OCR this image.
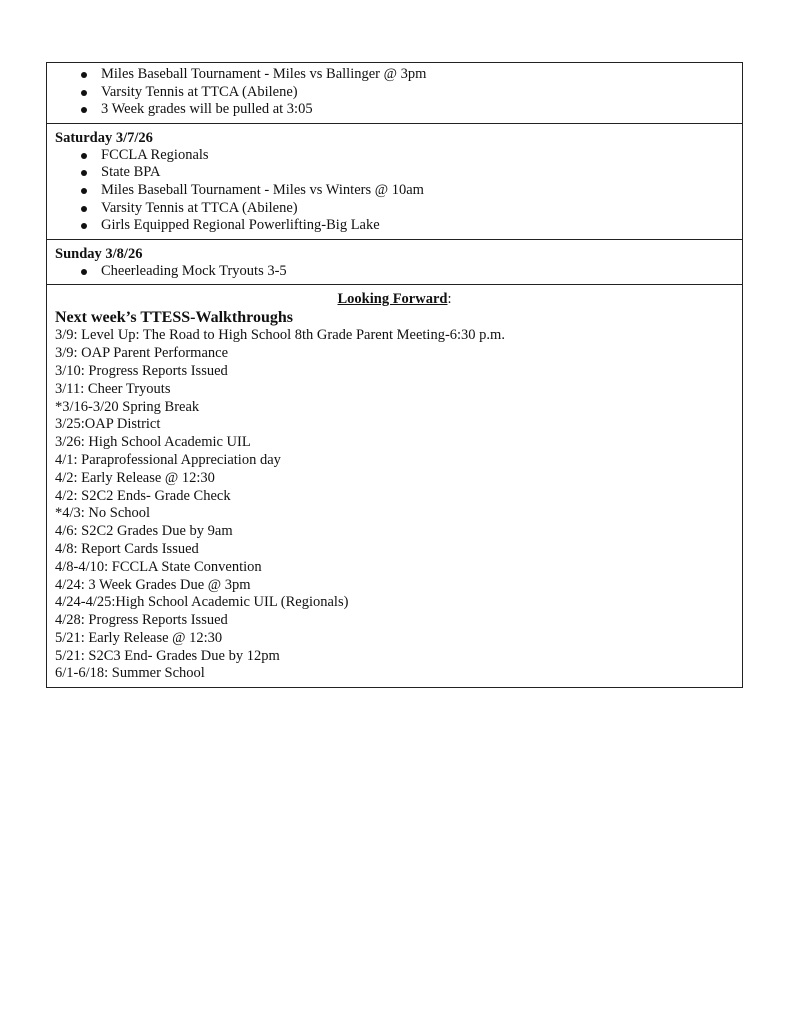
Miles Baseball Tournament - Miles vs Ballinger @ 3pm
Varsity Tennis at TTCA (Abilene)
3 Week grades will be pulled at 3:05
Saturday 3/7/26
FCCLA Regionals
State BPA
Miles Baseball Tournament - Miles vs Winters @ 10am
Varsity Tennis at TTCA (Abilene)
Girls Equipped Regional Powerlifting-Big Lake
Sunday 3/8/26
Cheerleading Mock Tryouts 3-5
Looking Forward:
Next week’s TTESS-Walkthroughs
3/9: Level Up: The Road to High School 8th Grade Parent Meeting-6:30 p.m.
3/9: OAP Parent Performance
3/10: Progress Reports Issued
3/11: Cheer Tryouts
*3/16-3/20 Spring Break
3/25:OAP District
3/26: High School Academic UIL
4/1: Paraprofessional Appreciation day
4/2: Early Release @ 12:30
4/2: S2C2 Ends- Grade Check
*4/3: No School
4/6: S2C2 Grades Due by 9am
4/8: Report Cards Issued
4/8-4/10: FCCLA State Convention
4/24: 3 Week Grades Due @ 3pm
4/24-4/25:High School Academic UIL (Regionals)
4/28: Progress Reports Issued
5/21: Early Release @ 12:30
5/21: S2C3 End- Grades Due by 12pm
6/1-6/18: Summer School
